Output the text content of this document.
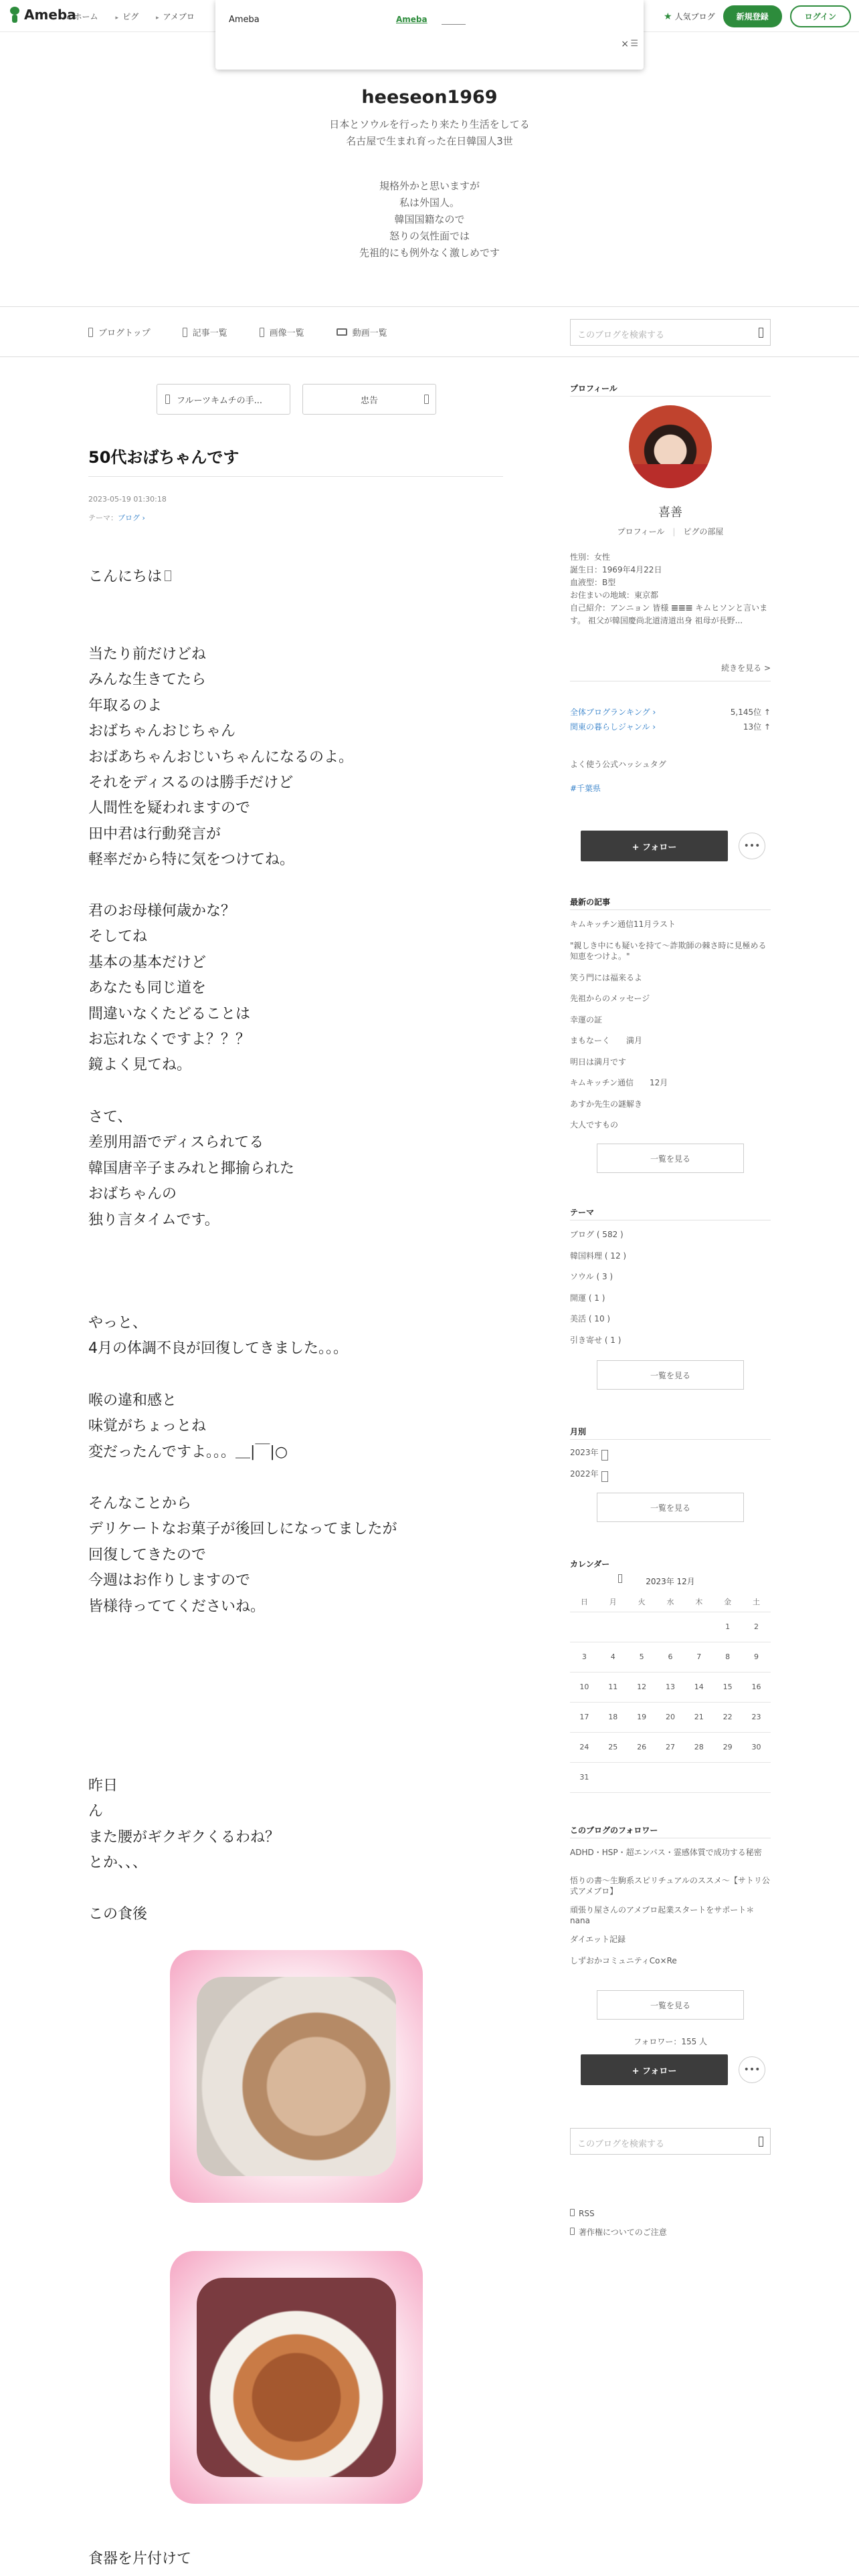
Ameba
▸ ホーム	▸ ピグ	▸ アメブロ	★ 人気ブログ	新規登録	ログイン
Ameba	Ameba
× ☰
heeseon1969
日本とソウルを行ったり来たり生活をしてる
名古屋で生まれ育った在日韓国人3世
規格外かと思いますが
私は外国人。
韓国国籍なので
怒りの気性面では
先祖的にも例外なく激しめです
ブログトップ	記事一覧	画像一覧	動画一覧	このブログを検索する
フルーツキムチの手...	忠告
50代おばちゃんです
2023-05-19 01:30:18
テーマ：ブログ ›
こんにちは
当たり前だけどね
みんな生きてたら
年取るのよ
おばちゃんおじちゃん
おばあちゃんおじいちゃんになるのよ。
それをディスるのは勝手だけど
人間性を疑われますので
田中君は行動発言が
軽率だから特に気をつけてね。
君のお母様何歳かな？
そしてね
基本の基本だけど
あなたも同じ道を
間違いなくたどることは
お忘れなくですよ？？？
鏡よく見てね。
さて、
差別用語でディスられてる
韓国唐辛子まみれと揶揄られた
おばちゃんの
独り言タイムです。
やっと、
4月の体調不良が回復してきました。。。
喉の違和感と
味覚がちょっとね
変だったんですよ。。。＿|￣|○
そんなことから
デリケートなお菓子が後回しになってましたが
回復してきたので
今週はお作りしますので
皆様待っててくださいね。
昨日
ん
また腰がギクギクくるわね？
とか、、、
この食後
食器を片付けて
プロフィール
喜善
プロフィール | ピグの部屋
性別：女性
誕生日：1969年4月22日
血液型：B型
お住まいの地域：東京都
自己紹介：アンニョン 皆様 𝌆𝌆𝌆 キムヒソンと言います。 祖父が韓国慶尚北道清道出身 祖母が長野...
続きを見る >
全体ブログランキング ›	5,145位 ↑
関東の暮らしジャンル ›	13位 ↑
よく使う公式ハッシュタグ
#千葉県
+ フォロー	•••
最新の記事
キムキッチン通信11月ラスト
"親しき中にも疑いを持て〜詐欺師の棘さ時に見極める知恵をつけよ。"
笑う門には福来るよ
先祖からのメッセージ
幸運の証
まもなーく　　満月
明日は満月です
キムキッチン通信　　12月
あすか先生の謎解き
大人ですもの
一覧を見る
テーマ
ブログ ( 582 )
韓国料理 ( 12 )
ソウル ( 3 )
開運 ( 1 )
美活 ( 10 )
引き寄せ ( 1 )
一覧を見る
月別
2023年
2022年
一覧を見る
カレンダー
2023年 12月
日	月	火	水	木	金	土
					1	2
3	4	5	6	7	8	9
10	11	12	13	14	15	16
17	18	19	20	21	22	23
24	25	26	27	28	29	30
31						
このブログのフォロワー
ADHD・HSP・超エンパス・霊感体質で成功する秘密
悟りの書〜生駒系スピリチュアルのススメ〜【サトリ公式アメブロ】
頑張り屋さんのアメブロ起業スタートをサポート＊nana
ダイエット記録
しずおかコミュニティCo×Re
一覧を見る
フォロワー：155 人
+ フォロー	•••
このブログを検索する
RSS
著作権についてのご注意
